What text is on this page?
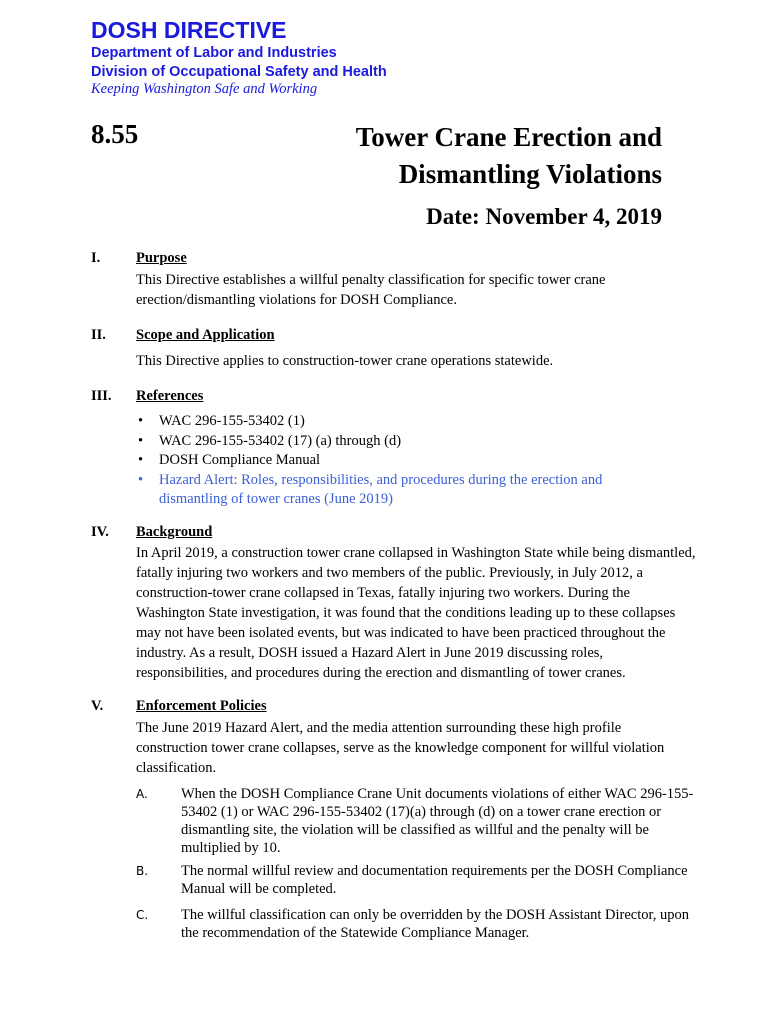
DOSH DIRECTIVE
Department of Labor and Industries
Division of Occupational Safety and Health
Keeping Washington Safe and Working
8.55	Tower Crane Erection and Dismantling Violations
Date: November 4, 2019
I. Purpose
This Directive establishes a willful penalty classification for specific tower crane erection/dismantling violations for DOSH Compliance.
II. Scope and Application
This Directive applies to construction-tower crane operations statewide.
III. References
• WAC 296-155-53402 (1)
• WAC 296-155-53402 (17) (a) through (d)
• DOSH Compliance Manual
• Hazard Alert: Roles, responsibilities, and procedures during the erection and dismantling of tower cranes (June 2019)
IV. Background
In April 2019, a construction tower crane collapsed in Washington State while being dismantled, fatally injuring two workers and two members of the public. Previously, in July 2012, a construction-tower crane collapsed in Texas, fatally injuring two workers. During the Washington State investigation, it was found that the conditions leading up to these collapses may not have been isolated events, but was indicated to have been practiced throughout the industry. As a result, DOSH issued a Hazard Alert in June 2019 discussing roles, responsibilities, and procedures during the erection and dismantling of tower cranes.
V. Enforcement Policies
The June 2019 Hazard Alert, and the media attention surrounding these high profile construction tower crane collapses, serve as the knowledge component for willful violation classification.
A. When the DOSH Compliance Crane Unit documents violations of either WAC 296-155-53402 (1) or WAC 296-155-53402 (17)(a) through (d) on a tower crane erection or dismantling site, the violation will be classified as willful and the penalty will be multiplied by 10.
B. The normal willful review and documentation requirements per the DOSH Compliance Manual will be completed.
C. The willful classification can only be overridden by the DOSH Assistant Director, upon the recommendation of the Statewide Compliance Manager.
